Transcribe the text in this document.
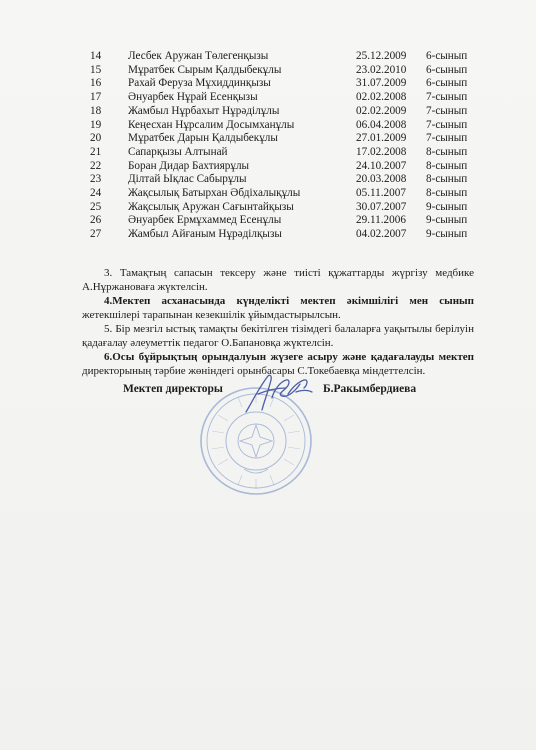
14	Лесбек Аружан Төлегенқызы	25.12.2009	6-сынып
15	Мұратбек Сырым Қалдыбекұлы	23.02.2010	6-сынып
16	Рахай Феруза Мұхиддинқызы	31.07.2009	6-сынып
17	Әнуарбек Нұрай Есенқызы	02.02.2008	7-сынып
18	Жамбыл Нұрбахыт Нұрәділұлы	02.02.2009	7-сынып
19	Кеңесхан Нұрсалим Досымханұлы	06.04.2008	7-сынып
20	Мұратбек Дарын Қалдыбекұлы	27.01.2009	7-сынып
21	Сапарқызы Алтынай	17.02.2008	8-сынып
22	Боран Дидар Бахтиярұлы	24.10.2007	8-сынып
23	Ділтай Ықлас Сабырұлы	20.03.2008	8-сынып
24	Жақсылық Батырхан Әбдіхалықұлы	05.11.2007	8-сынып
25	Жақсылық Аружан Сағынтайқызы	30.07.2007	9-сынып
26	Әнуарбек Ермұхаммед Есенұлы	29.11.2006	9-сынып
27	Жамбыл Айғаным Нұрәділқызы	04.02.2007	9-сынып
3. Тамақтың сапасын тексеру және тиісті құжаттарды жүргізу медбике А.Нұржановаға жүктелсін.
4.Мектеп асханасында күнделікті мектеп әкімшілігі мен сынып жетекшілері тарапынан кезекшілік ұйымдастырылсын.
5. Бір мезгіл ыстық тамақты бекітілген тізімдегі балаларға уақытылы берілуін қадағалау әлеуметтік педагог О.Бапановқа жүктелсін.
6.Осы бұйрықтың орындалуын жүзеге асыру және қадағалауды мектеп директорының тәрбие жөніндегі орынбасары С.Токебаевқа міндеттелсін.
Мектеп директоры	Б.Ракымбердиева
